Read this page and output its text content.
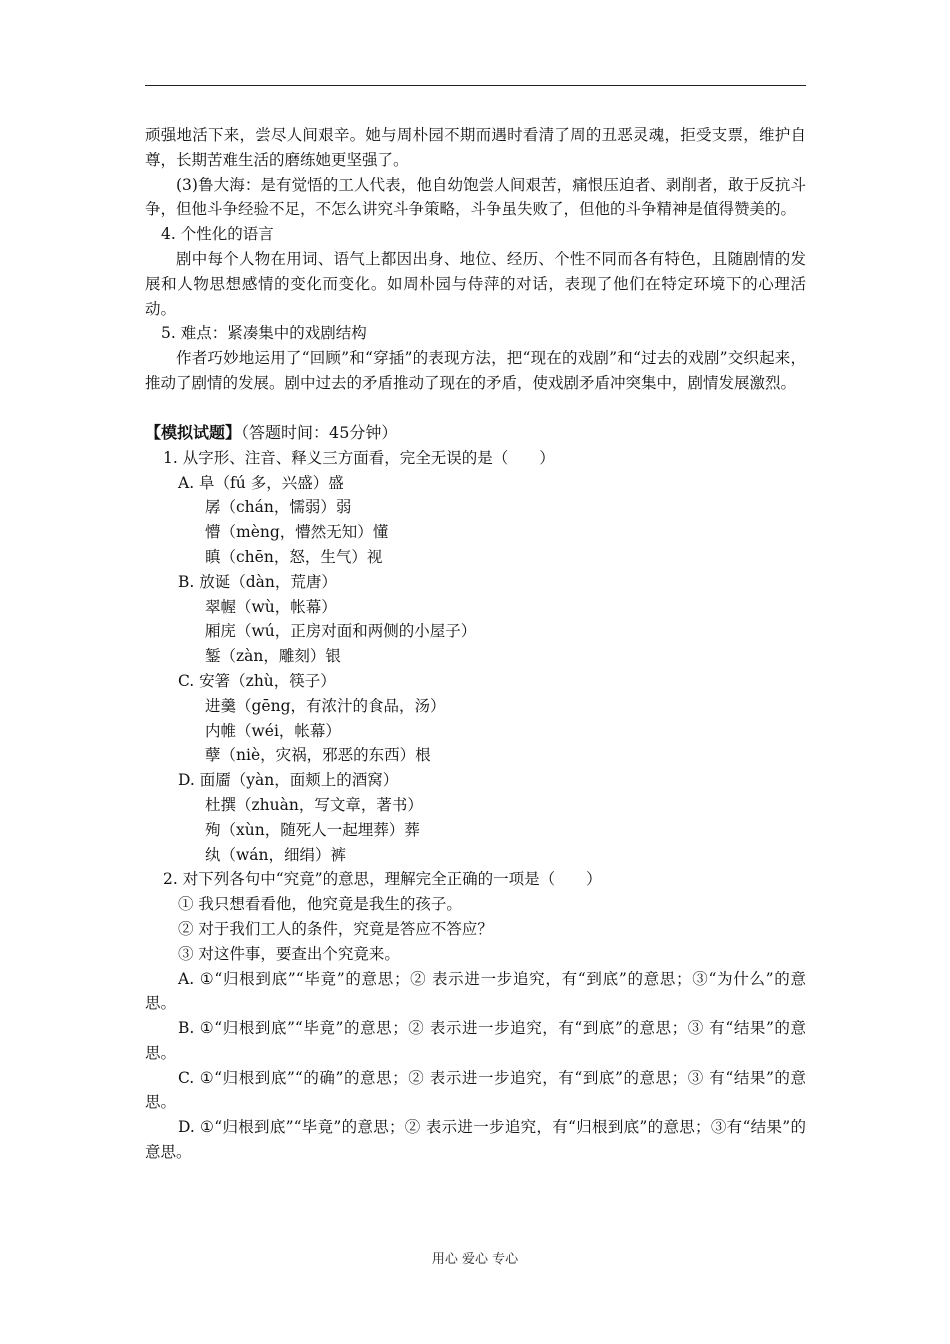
顽强地活下来，尝尽人间艰辛。她与周朴园不期而遇时看清了周的丑恶灵魂，拒受支票，维护自尊，长期苦难生活的磨练她更坚强了。

(3)鲁大海：是有觉悟的工人代表，他自幼饱尝人间艰苦，痛恨压迫者、剥削者，敢于反抗斗争，但他斗争经验不足，不怎么讲究斗争策略，斗争虽失败了，但他的斗争精神是值得赞美的。

4. 个性化的语言

剧中每个人物在用词、语气上都因出身、地位、经历、个性不同而各有特色，且随剧情的发展和人物思想感情的变化而变化。如周朴园与侍萍的对话，表现了他们在特定环境下的心理活动。

5. 难点：紧凑集中的戏剧结构

作者巧妙地运用了“回顾”和“穿插”的表现方法，把“现在的戏剧”和“过去的戏剧”交织起来，推动了剧情的发展。剧中过去的矛盾推动了现在的矛盾，使戏剧矛盾冲突集中，剧情发展激烈。

【模拟试题】（答题时间：45分钟）

1. 从字形、注音、释义三方面看，完全无误的是（　　）

A. 阜（fú 多，兴盛）盛

孱（chán，懦弱）弱

懵（mèng，懵然无知）懂

瞋（chēn，怒，生气）视

B. 放诞（dàn，荒唐）

翠幄（wù，帐幕）

厢庑（wú，正房对面和两侧的小屋子）

錾（zàn，雕刻）银

C. 安箸（zhù，筷子）

进羹（gēng，有浓汁的食品，汤）

内帷（wéi，帐幕）

孽（niè，灾祸，邪恶的东西）根

D. 面靥（yàn，面颊上的酒窝）

杜撰（zhuàn，写文章，著书）

殉（xùn，随死人一起埋葬）葬

纨（wán，细绢）裤

2. 对下列各句中“究竟”的意思，理解完全正确的一项是（　　）

① 我只想看看他，他究竟是我生的孩子。

② 对于我们工人的条件，究竟是答应不答应？

③ 对这件事，要查出个究竟来。

A. ①“归根到底”“毕竟”的意思；② 表示进一步追究，有“到底”的意思；③“为什么”的意思。

B. ①“归根到底”“毕竟”的意思；② 表示进一步追究，有“到底”的意思；③ 有“结果”的意思。

C. ①“归根到底”“的确”的意思；② 表示进一步追究，有“到底”的意思；③ 有“结果”的意思。

D. ①“归根到底”“毕竟”的意思；② 表示进一步追究，有“归根到底”的意思；③有“结果”的意思。

用心 爱心 专心
